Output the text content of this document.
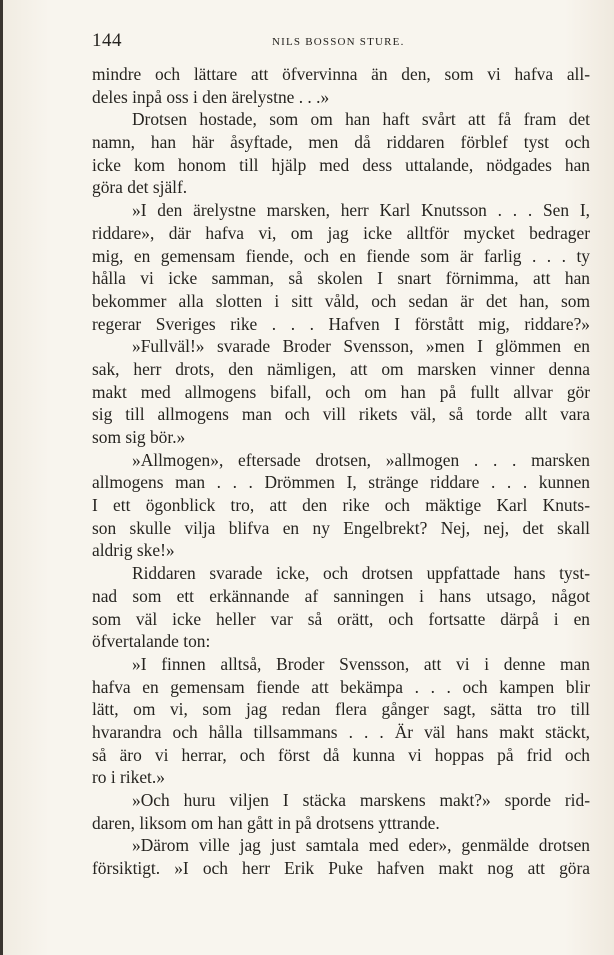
144	NILS BOSSON STURE.
mindre och lättare att öfvervinna än den, som vi hafva all-
deles inpå oss i den ärelystne . . .»
Drotsen hostade, som om han haft svårt att få fram det
namn, han här åsyftade, men då riddaren förblef tyst och
icke kom honom till hjälp med dess uttalande, nödgades han
göra det själf.
»I den ärelystne marsken, herr Karl Knutsson . . . Sen I,
riddare», där hafva vi, om jag icke alltför mycket bedrager
mig, en gemensam fiende, och en fiende som är farlig . . . ty
hålla vi icke samman, så skolen I snart förnimma, att han
bekommer alla slotten i sitt våld, och sedan är det han, som
regerar Sveriges rike . . . Hafven I förstått mig, riddare?»
»Fullväl!» svarade Broder Svensson, »men I glömmen en
sak, herr drots, den nämligen, att om marsken vinner denna
makt med allmogens bifall, och om han på fullt allvar gör
sig till allmogens man och vill rikets väl, så torde allt vara
som sig bör.»
»Allmogen», eftersade drotsen, »allmogen . . . marsken
allmogens man . . . Drömmen I, stränge riddare . . . kunnen
I ett ögonblick tro, att den rike och mäktige Karl Knuts-
son skulle vilja blifva en ny Engelbrekt? Nej, nej, det skall
aldrig ske!»
Riddaren svarade icke, och drotsen uppfattade hans tyst-
nad som ett erkännande af sanningen i hans utsago, något
som väl icke heller var så orätt, och fortsatte därpå i en
öfvertalande ton:
»I finnen alltså, Broder Svensson, att vi i denne man
hafva en gemensam fiende att bekämpa . . . och kampen blir
lätt, om vi, som jag redan flera gånger sagt, sätta tro till
hvarandra och hålla tillsammans . . . Är väl hans makt stäckt,
så äro vi herrar, och först då kunna vi hoppas på frid och
ro i riket.»
»Och huru viljen I stäcka marskens makt?» sporde rid-
daren, liksom om han gått in på drotsens yttrande.
»Därom ville jag just samtala med eder», genmälde drotsen
försiktigt. »I och herr Erik Puke hafven makt nog att göra
